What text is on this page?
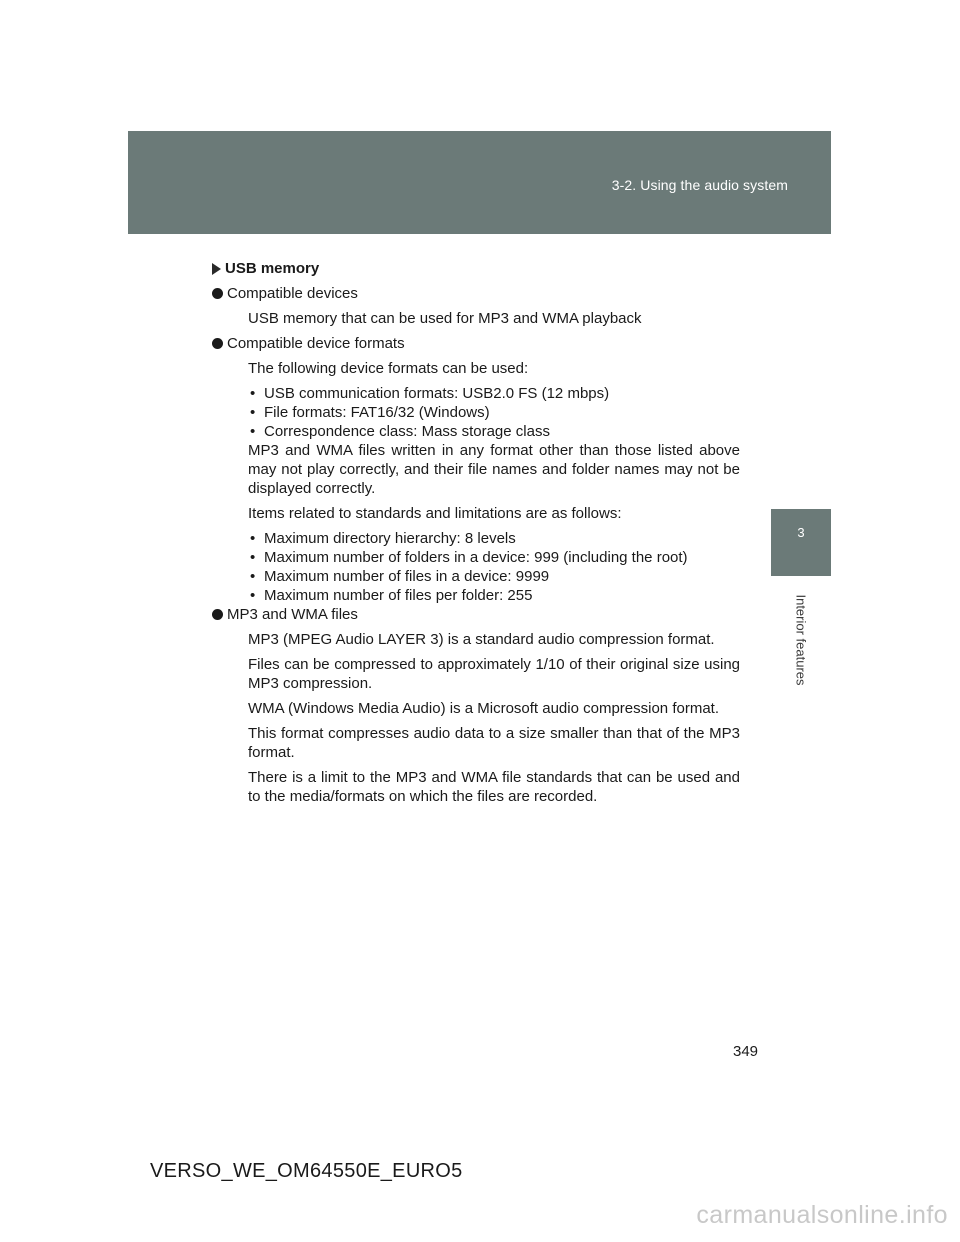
3-2. Using the audio system
3
Interior features
USB memory
Compatible devices

USB memory that can be used for MP3 and WMA playback

Compatible device formats

The following device formats can be used:

• USB communication formats: USB2.0 FS (12 mbps)
• File formats: FAT16/32 (Windows)
• Correspondence class: Mass storage class

MP3 and WMA files written in any format other than those listed above may not play correctly, and their file names and folder names may not be displayed correctly.

Items related to standards and limitations are as follows:

• Maximum directory hierarchy: 8 levels
• Maximum number of folders in a device: 999 (including the root)
• Maximum number of files in a device: 9999
• Maximum number of files per folder: 255
MP3 and WMA files

MP3 (MPEG Audio LAYER 3) is a standard audio compression format.

Files can be compressed to approximately 1/10 of their original size using MP3 compression.

WMA (Windows Media Audio) is a Microsoft audio compression format.

This format compresses audio data to a size smaller than that of the MP3 format.

There is a limit to the MP3 and WMA file standards that can be used and to the media/formats on which the files are recorded.

349
VERSO_WE_OM64550E_EURO5
carmanualsonline.info
